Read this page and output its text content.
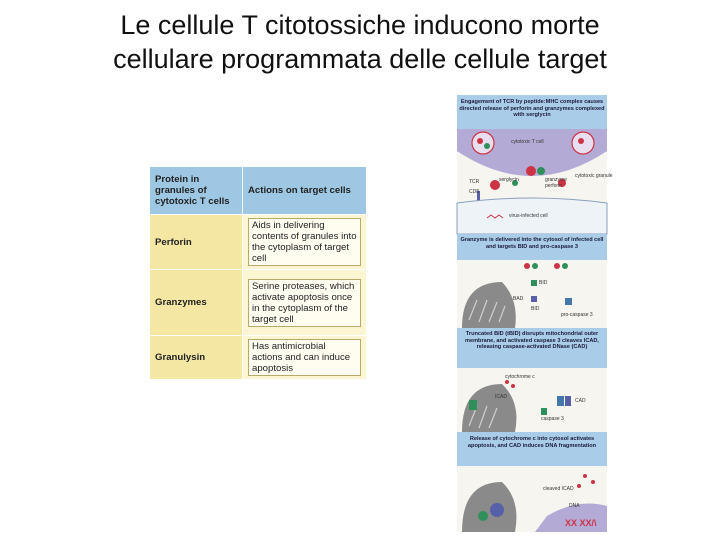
Le cellule T citotossiche inducono morte
cellulare programmata delle cellule target
Protein in granules of cytotoxic T cells	Actions on target cells
Perforin	Aids in delivering contents of granules into the cytoplasm of target cell
Granzymes	Serine proteases, which activate apoptosis once in the cytoplasm of the target cell
Granulysin	Has antimicrobial actions and can induce apoptosis
Engagement of TCR by peptide:MHC complex causes directed release of perforin and granzymes complexed with serglycin
cytotoxic T cell
TCR	serglycin	granzyme
perforin
cytotoxic granule
CD8
virus-infected cell
Granzyme is delivered into the cytosol of infected cell and targets BID and pro-caspase 3
BID
BAD
BID
pro-caspase 3
Truncated BID (tBID) disrupts mitochondrial outer membrane, and activated caspase 3 cleaves ICAD, releasing caspase-activated DNase (CAD)
cytochrome c
ICAD
CAD
caspase 3
Release of cytochrome c into cytosol activates apoptosis, and CAD induces DNA fragmentation
XX XX/\
cleaved ICAD
DNA
